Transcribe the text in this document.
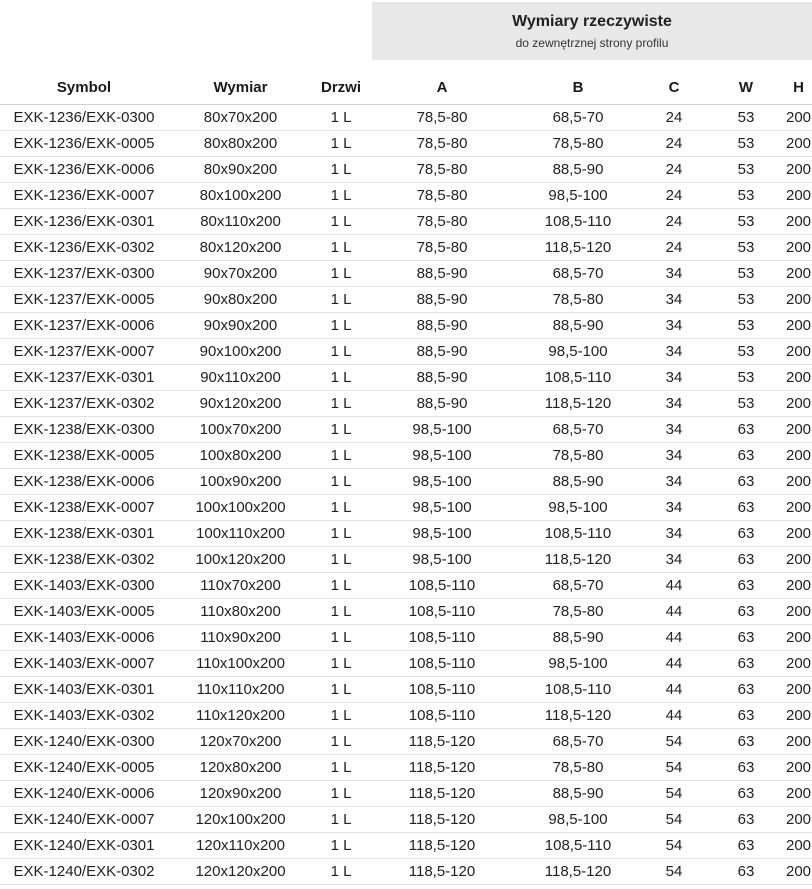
Wymiary rzeczywiste
do zewnętrznej strony profilu
Symbol	Wymiar	Drzwi	A	B	C	W	H
EXK-1236/EXK-0300	80x70x200	1 L	78,5-80	68,5-70	24	53	200
EXK-1236/EXK-0005	80x80x200	1 L	78,5-80	78,5-80	24	53	200
EXK-1236/EXK-0006	80x90x200	1 L	78,5-80	88,5-90	24	53	200
EXK-1236/EXK-0007	80x100x200	1 L	78,5-80	98,5-100	24	53	200
EXK-1236/EXK-0301	80x110x200	1 L	78,5-80	108,5-110	24	53	200
EXK-1236/EXK-0302	80x120x200	1 L	78,5-80	118,5-120	24	53	200
EXK-1237/EXK-0300	90x70x200	1 L	88,5-90	68,5-70	34	53	200
EXK-1237/EXK-0005	90x80x200	1 L	88,5-90	78,5-80	34	53	200
EXK-1237/EXK-0006	90x90x200	1 L	88,5-90	88,5-90	34	53	200
EXK-1237/EXK-0007	90x100x200	1 L	88,5-90	98,5-100	34	53	200
EXK-1237/EXK-0301	90x110x200	1 L	88,5-90	108,5-110	34	53	200
EXK-1237/EXK-0302	90x120x200	1 L	88,5-90	118,5-120	34	53	200
EXK-1238/EXK-0300	100x70x200	1 L	98,5-100	68,5-70	34	63	200
EXK-1238/EXK-0005	100x80x200	1 L	98,5-100	78,5-80	34	63	200
EXK-1238/EXK-0006	100x90x200	1 L	98,5-100	88,5-90	34	63	200
EXK-1238/EXK-0007	100x100x200	1 L	98,5-100	98,5-100	34	63	200
EXK-1238/EXK-0301	100x110x200	1 L	98,5-100	108,5-110	34	63	200
EXK-1238/EXK-0302	100x120x200	1 L	98,5-100	118,5-120	34	63	200
EXK-1403/EXK-0300	110x70x200	1 L	108,5-110	68,5-70	44	63	200
EXK-1403/EXK-0005	110x80x200	1 L	108,5-110	78,5-80	44	63	200
EXK-1403/EXK-0006	110x90x200	1 L	108,5-110	88,5-90	44	63	200
EXK-1403/EXK-0007	110x100x200	1 L	108,5-110	98,5-100	44	63	200
EXK-1403/EXK-0301	110x110x200	1 L	108,5-110	108,5-110	44	63	200
EXK-1403/EXK-0302	110x120x200	1 L	108,5-110	118,5-120	44	63	200
EXK-1240/EXK-0300	120x70x200	1 L	118,5-120	68,5-70	54	63	200
EXK-1240/EXK-0005	120x80x200	1 L	118,5-120	78,5-80	54	63	200
EXK-1240/EXK-0006	120x90x200	1 L	118,5-120	88,5-90	54	63	200
EXK-1240/EXK-0007	120x100x200	1 L	118,5-120	98,5-100	54	63	200
EXK-1240/EXK-0301	120x110x200	1 L	118,5-120	108,5-110	54	63	200
EXK-1240/EXK-0302	120x120x200	1 L	118,5-120	118,5-120	54	63	200
